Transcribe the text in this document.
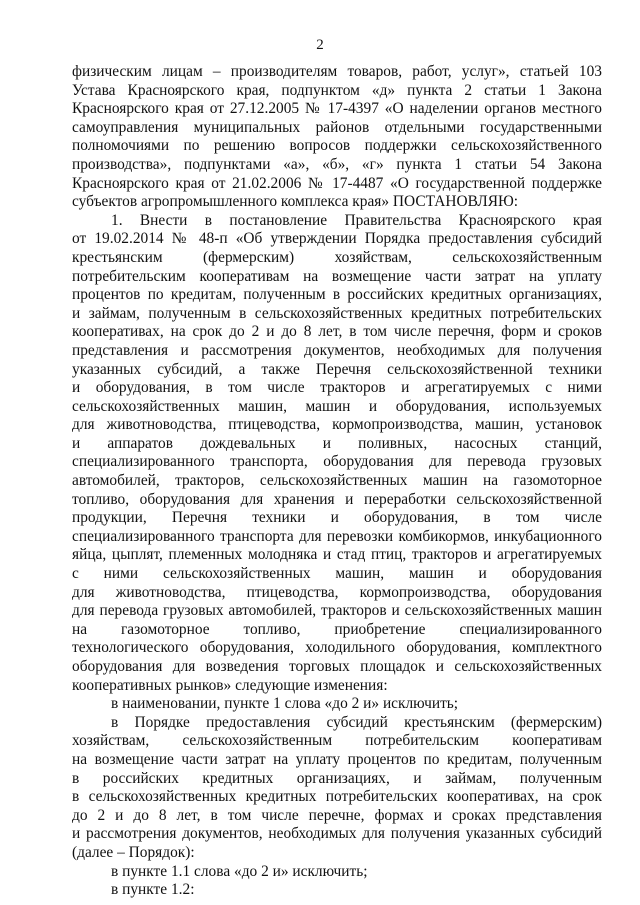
2
физическим лицам – производителям товаров, работ, услуг», статьей 103
Устава Красноярского края, подпунктом «д» пункта 2 статьи 1 Закона
Красноярского края от 27.12.2005 № 17-4397 «О наделении органов местного
самоуправления муниципальных районов отдельными государственными
полномочиями по решению вопросов поддержки сельскохозяйственного
производства», подпунктами «а», «б», «г» пункта 1 статьи 54 Закона
Красноярского края от 21.02.2006 № 17-4487 «О государственной поддержке
субъектов агропромышленного комплекса края» ПОСТАНОВЛЯЮ:
1. Внести в постановление Правительства Красноярского края
от 19.02.2014 № 48-п «Об утверждении Порядка предоставления субсидий
крестьянским (фермерским) хозяйствам, сельскохозяйственным
потребительским кооперативам на возмещение части затрат на уплату
процентов по кредитам, полученным в российских кредитных организациях,
и займам, полученным в сельскохозяйственных кредитных потребительских
кооперативах, на срок до 2 и до 8 лет, в том числе перечня, форм и сроков
представления и рассмотрения документов, необходимых для получения
указанных субсидий, а также Перечня сельскохозяйственной техники
и оборудования, в том числе тракторов и агрегатируемых с ними
сельскохозяйственных машин, машин и оборудования, используемых
для животноводства, птицеводства, кормопроизводства, машин, установок
и аппаратов дождевальных и поливных, насосных станций,
специализированного транспорта, оборудования для перевода грузовых
автомобилей, тракторов, сельскохозяйственных машин на газомоторное
топливо, оборудования для хранения и переработки сельскохозяйственной
продукции, Перечня техники и оборудования, в том числе
специализированного транспорта для перевозки комбикормов, инкубационного
яйца, цыплят, племенных молодняка и стад птиц, тракторов и агрегатируемых
с ними сельскохозяйственных машин, машин и оборудования
для животноводства, птицеводства, кормопроизводства, оборудования
для перевода грузовых автомобилей, тракторов и сельскохозяйственных машин
на газомоторное топливо, приобретение специализированного
технологического оборудования, холодильного оборудования, комплектного
оборудования для возведения торговых площадок и сельскохозяйственных
кооперативных рынков» следующие изменения:
в наименовании, пункте 1 слова «до 2 и» исключить;
в Порядке предоставления субсидий крестьянским (фермерским)
хозяйствам, сельскохозяйственным потребительским кооперативам
на возмещение части затрат на уплату процентов по кредитам, полученным
в российских кредитных организациях, и займам, полученным
в сельскохозяйственных кредитных потребительских кооперативах, на срок
до 2 и до 8 лет, в том числе перечне, формах и сроках представления
и рассмотрения документов, необходимых для получения указанных субсидий
(далее – Порядок):
в пункте 1.1 слова «до 2 и» исключить;
в пункте 1.2:
